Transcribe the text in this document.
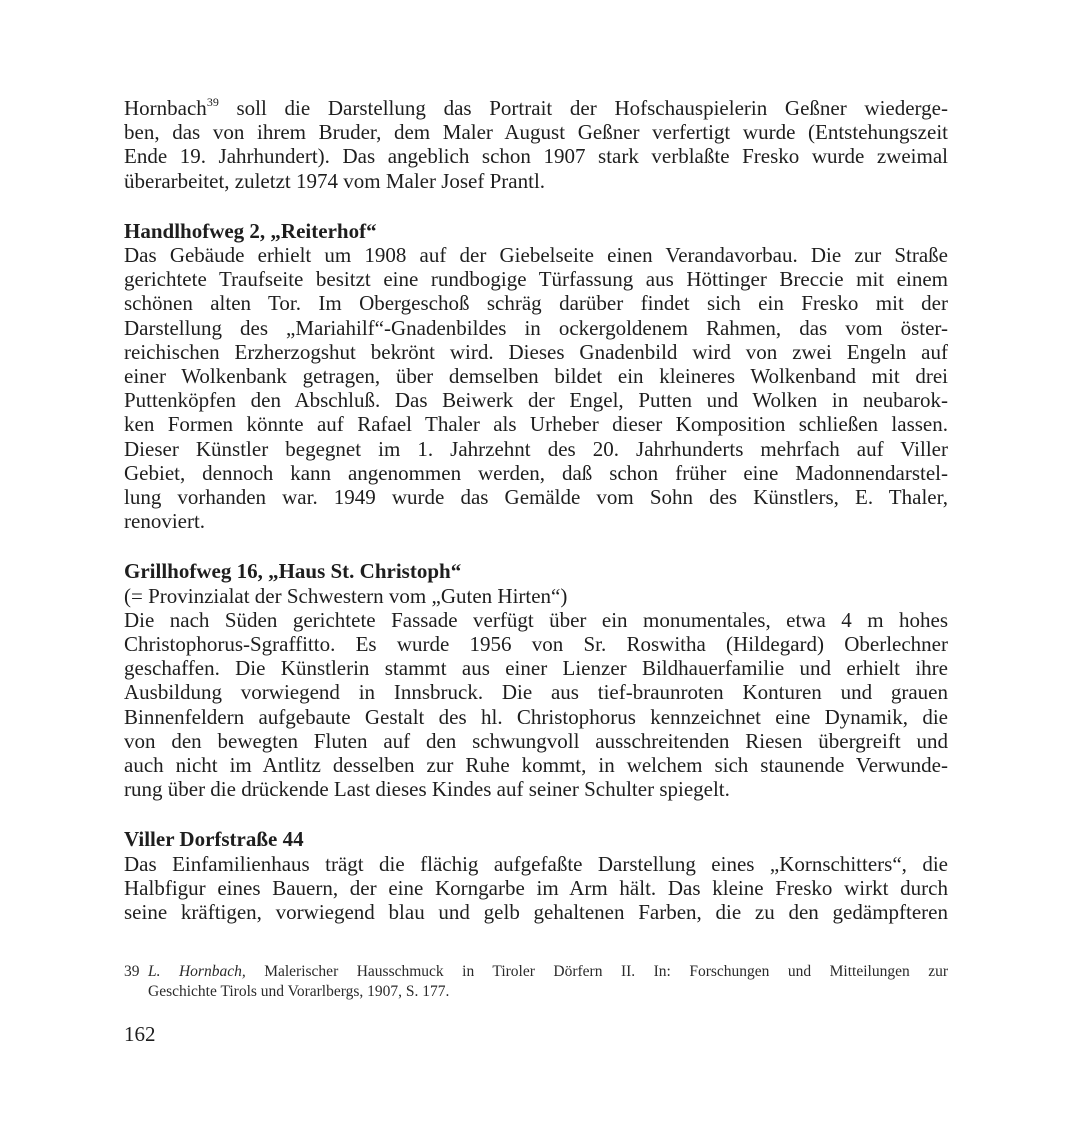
Hornbach$^{39}$ soll die Darstellung das Portrait der Hofschauspielerin Geßner wiederge-
ben, das von ihrem Bruder, dem Maler August Geßner verfertigt wurde (Entstehungszeit
Ende 19. Jahrhundert). Das angeblich schon 1907 stark verblaßte Fresko wurde zweimal
überarbeitet, zuletzt 1974 vom Maler Josef Prantl.
Handlhofweg 2, „Reiterhof“
Das Gebäude erhielt um 1908 auf der Giebelseite einen Verandavorbau. Die zur Straße
gerichtete Traufseite besitzt eine rundbogige Türfassung aus Höttinger Breccie mit einem
schönen alten Tor. Im Obergeschoß schräg darüber findet sich ein Fresko mit der
Darstellung des „Mariahilf“-Gnadenbildes in ockergoldenem Rahmen, das vom öster-
reichischen Erzherzogshut bekrönt wird. Dieses Gnadenbild wird von zwei Engeln auf
einer Wolkenbank getragen, über demselben bildet ein kleineres Wolkenband mit drei
Puttenköpfen den Abschluß. Das Beiwerk der Engel, Putten und Wolken in neubarok-
ken Formen könnte auf Rafael Thaler als Urheber dieser Komposition schließen lassen.
Dieser Künstler begegnet im 1. Jahrzehnt des 20. Jahrhunderts mehrfach auf Viller
Gebiet, dennoch kann angenommen werden, daß schon früher eine Madonnendarstel-
lung vorhanden war. 1949 wurde das Gemälde vom Sohn des Künstlers, E. Thaler,
renoviert.
Grillhofweg 16, „Haus St. Christoph“
(= Provinzialat der Schwestern vom „Guten Hirten“)
Die nach Süden gerichtete Fassade verfügt über ein monumentales, etwa 4 m hohes
Christophorus-Sgraffitto. Es wurde 1956 von Sr. Roswitha (Hildegard) Oberlechner
geschaffen. Die Künstlerin stammt aus einer Lienzer Bildhauerfamilie und erhielt ihre
Ausbildung vorwiegend in Innsbruck. Die aus tief-braunroten Konturen und grauen
Binnenfeldern aufgebaute Gestalt des hl. Christophorus kennzeichnet eine Dynamik, die
von den bewegten Fluten auf den schwungvoll ausschreitenden Riesen übergreift und
auch nicht im Antlitz desselben zur Ruhe kommt, in welchem sich staunende Verwunde-
rung über die drückende Last dieses Kindes auf seiner Schulter spiegelt.
Viller Dorfstraße 44
Das Einfamilienhaus trägt die flächig aufgefaßte Darstellung eines „Kornschitters“, die
Halbfigur eines Bauern, der eine Korngarbe im Arm hält. Das kleine Fresko wirkt durch
seine kräftigen, vorwiegend blau und gelb gehaltenen Farben, die zu den gedämpfteren
39 L. Hornbach, Malerischer Hausschmuck in Tiroler Dörfern II. In: Forschungen und Mitteilungen zur
Geschichte Tirols und Vorarlbergs, 1907, S. 177.
162
